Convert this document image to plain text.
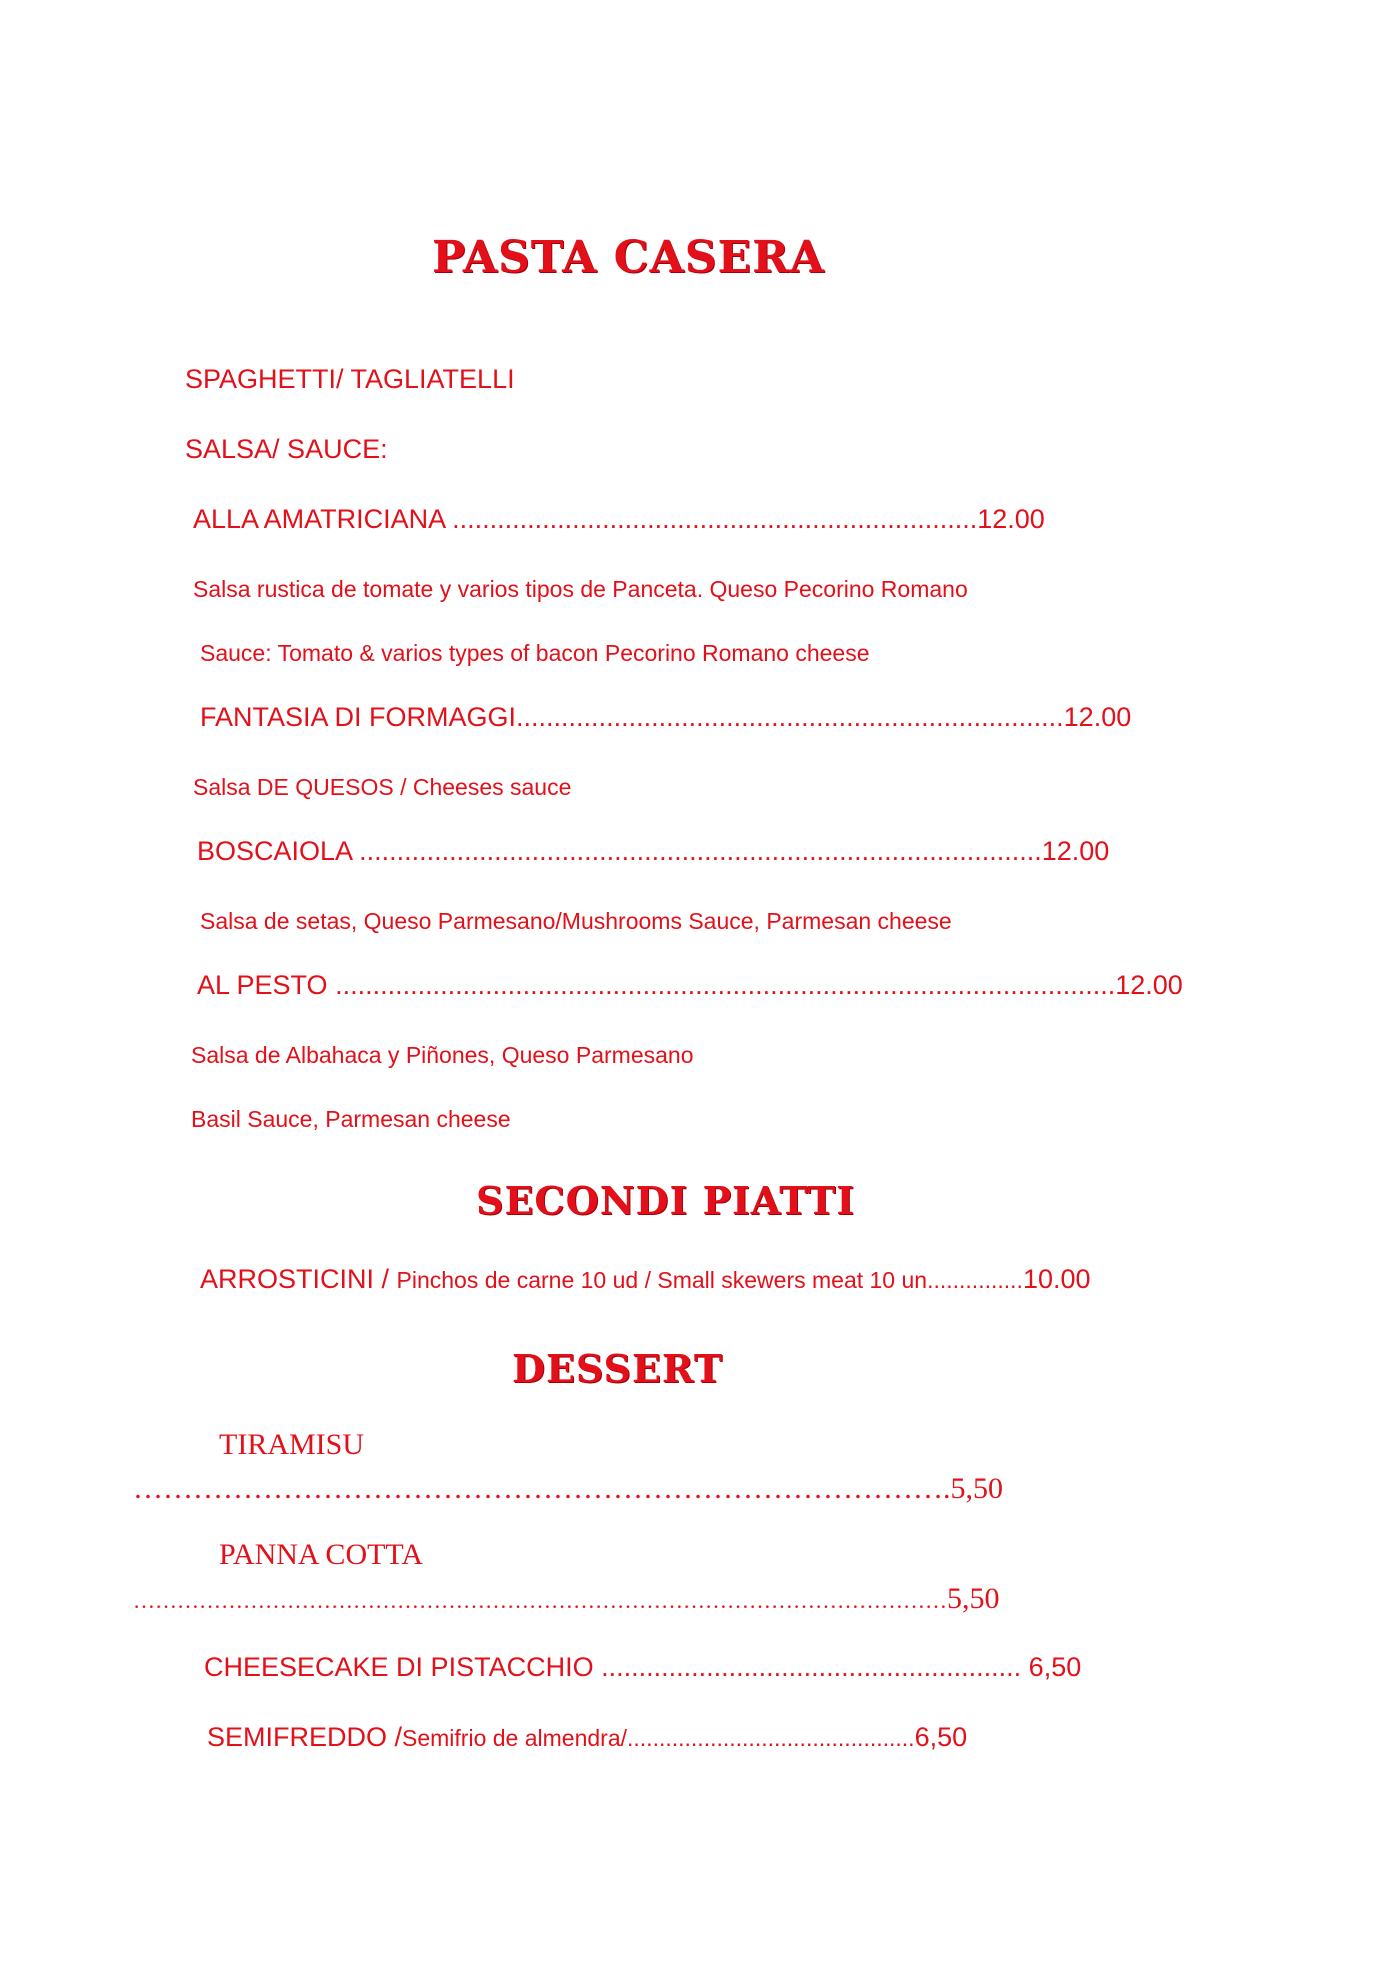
PASTA CASERA
SPAGHETTI/ TAGLIATELLI
SALSA/ SAUCE:
ALLA AMATRICIANA ......................................................................12.00
Salsa rustica de tomate y varios tipos de Panceta. Queso Pecorino Romano
Sauce: Tomato & varios types of bacon Pecorino Romano cheese
FANTASIA DI FORMAGGI.........................................................................12.00
Salsa DE QUESOS / Cheeses sauce
BOSCAIOLA ...........................................................................................12.00
Salsa de setas, Queso Parmesano/Mushrooms Sauce, Parmesan cheese
AL PESTO ........................................................................................................12.00
Salsa de Albahaca y Piñones, Queso Parmesano
Basil Sauce, Parmesan cheese
SECONDI PIATTI
ARROSTICINI / Pinchos de carne 10 ud / Small skewers meat 10 un...............10.00
DESSERT
TIRAMISU
……………………………………………………………………….5,50
PANNA COTTA
…………………………………………………………………………………………………5,50
CHEESECAKE DI PISTACCHIO ........................................................ 6,50
SEMIFREDDO /Semifrio de almendra/.............................................6,50
